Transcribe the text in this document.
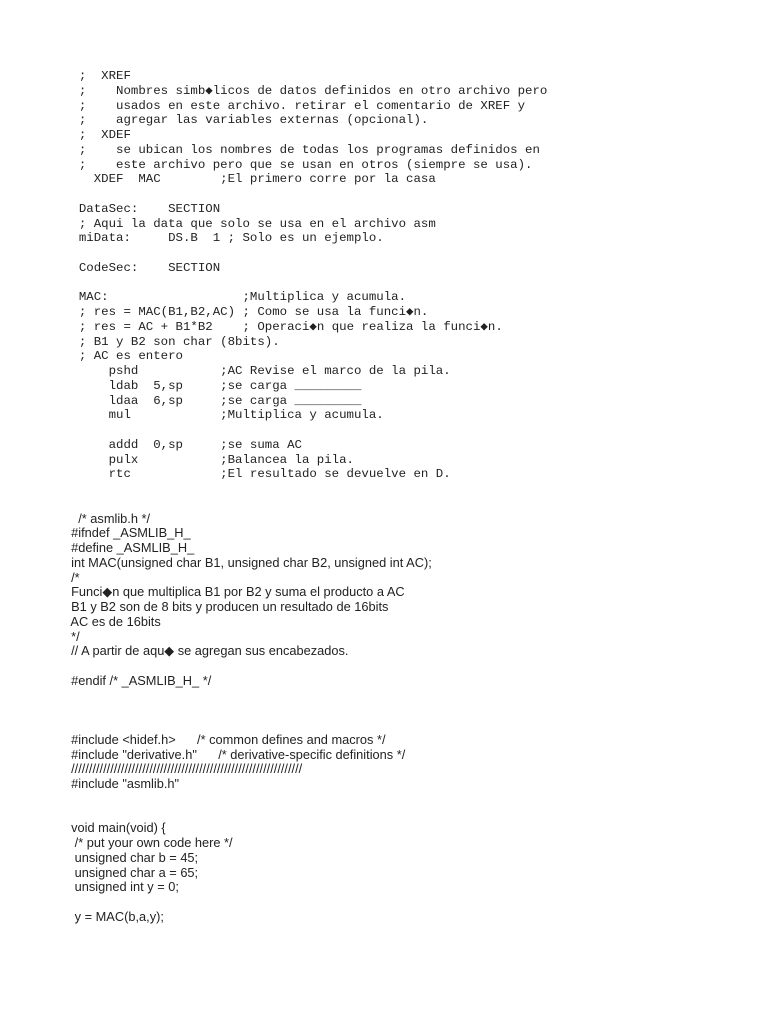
;  XREF
;    Nombres simb◆licos de datos definidos en otro archivo pero
;    usados en este archivo. retirar el comentario de XREF y
;    agregar las variables externas (opcional).
;  XDEF
;    se ubican los nombres de todas los programas definidos en
;    este archivo pero que se usan en otros (siempre se usa).
XDEF  MAC        ;El primero corre por la casa
DataSec:    SECTION
; Aqui la data que solo se usa en el archivo asm
miData:     DS.B  1 ; Solo es un ejemplo.
CodeSec:    SECTION
MAC:                  ;Multiplica y acumula.
; res = MAC(B1,B2,AC) ; Como se usa la funci◆n.
; res = AC + B1*B2    ; Operaci◆n que realiza la funci◆n.
; B1 y B2 son char (8bits).
; AC es entero
pshd           ;AC Revise el marco de la pila.
ldab  5,sp     ;se carga _________
ldaa  6,sp     ;se carga _________
mul            ;Multiplica y acumula.
addd  0,sp     ;se suma AC
pulx           ;Balancea la pila.
rtc            ;El resultado se devuelve en D.
/* asmlib.h */
#ifndef _ASMLIB_H_
#define _ASMLIB_H_
int MAC(unsigned char B1, unsigned char B2, unsigned int AC);
/*
Funci◆n que multiplica B1 por B2 y suma el producto a AC
B1 y B2 son de 8 bits y producen un resultado de 16bits
AC es de 16bits
*/
// A partir de aqu◆ se agregan sus encabezados.
#endif /* _ASMLIB_H_ */
#include <hidef.h>      /* common defines and macros */
#include "derivative.h"      /* derivative-specific definitions */
/////////////////////////////////////////////////////////////////
#include "asmlib.h"
void main(void) {
/* put your own code here */
unsigned char b = 45;
unsigned char a = 65;
unsigned int y = 0;
y = MAC(b,a,y);
